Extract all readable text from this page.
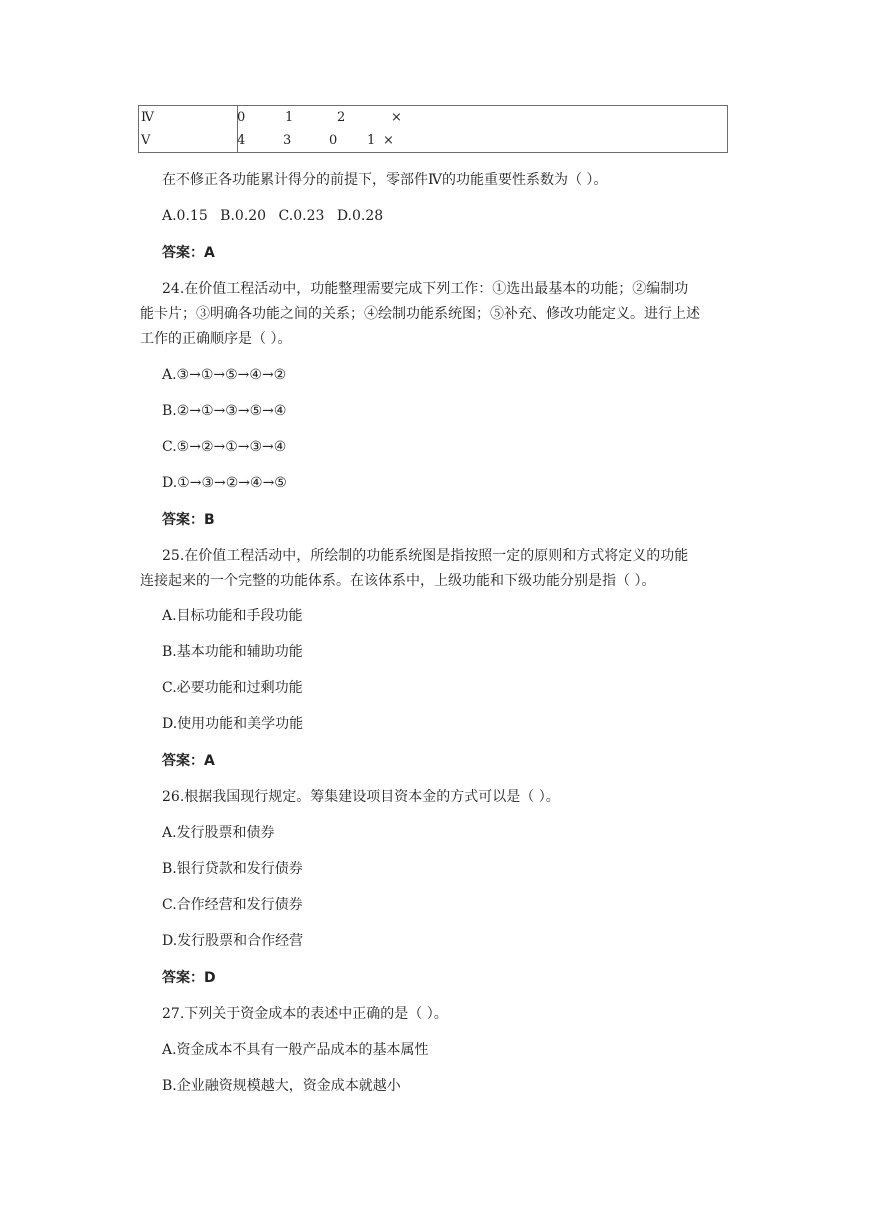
Ⅳ	0	1	2	×
Ⅴ	4	3	0 1 ×
在不修正各功能累计得分的前提下，零部件Ⅳ的功能重要性系数为（ ）。
A.0.15 B.0.20 C.0.23 D.0.28
答案：A
24.在价值工程活动中，功能整理需要完成下列工作：①选出最基本的功能；②编制功
能卡片；③明确各功能之间的关系；④绘制功能系统图；⑤补充、修改功能定义。进行上述
工作的正确顺序是（ ）。
A.③→①→⑤→④→②
B.②→①→③→⑤→④
C.⑤→②→①→③→④
D.①→③→②→④→⑤
答案：B
25.在价值工程活动中，所绘制的功能系统图是指按照一定的原则和方式将定义的功能
连接起来的一个完整的功能体系。在该体系中，上级功能和下级功能分别是指（ ）。
A.目标功能和手段功能
B.基本功能和辅助功能
C.必要功能和过剩功能
D.使用功能和美学功能
答案：A
26.根据我国现行规定。筹集建设项目资本金的方式可以是（ ）。
A.发行股票和债券
B.银行贷款和发行债券
C.合作经营和发行债券
D.发行股票和合作经营
答案：D
27.下列关于资金成本的表述中正确的是（ ）。
A.资金成本不具有一般产品成本的基本属性
B.企业融资规模越大，资金成本就越小
